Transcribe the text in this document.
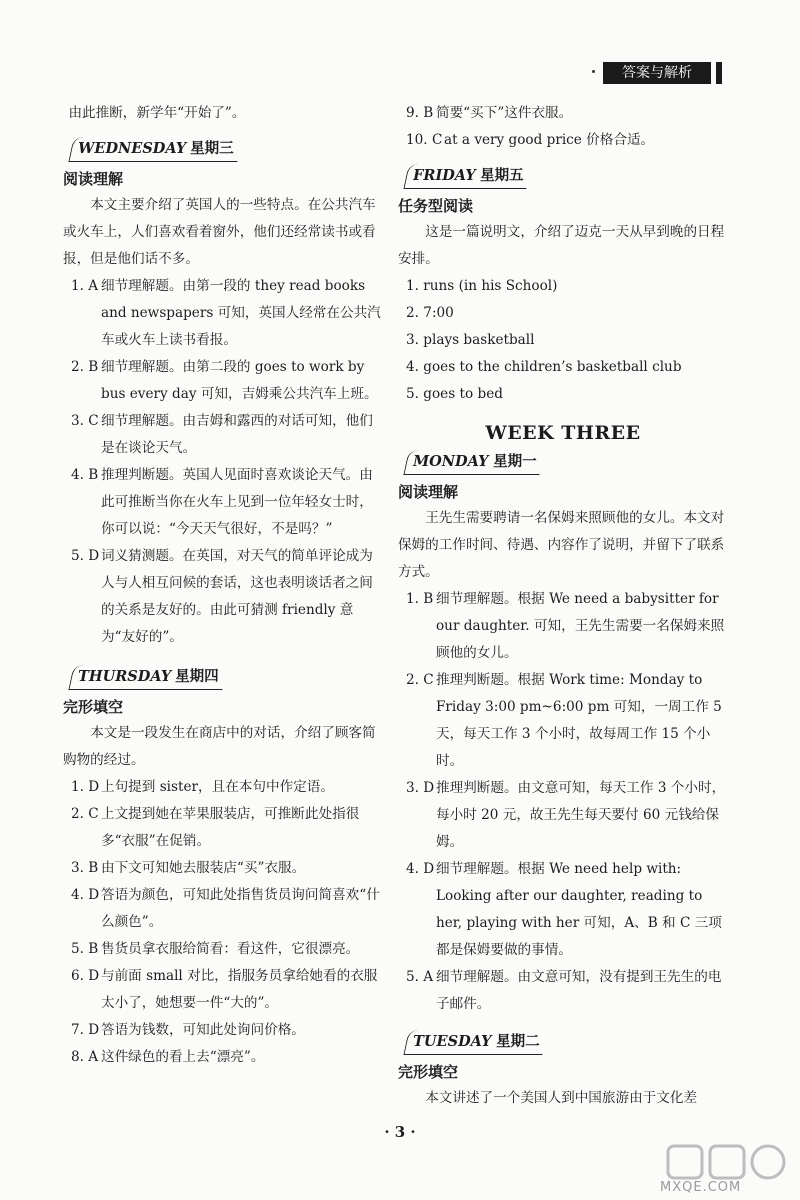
答案与解析

由此推断，新学年“开始了”。

WEDNESDAY 星期三

阅读理解

本文主要介绍了英国人的一些特点。在公共汽车或火车上，人们喜欢看着窗外，他们还经常读书或看报，但是他们话不多。

1. A 细节理解题。由第一段的 they read books and newspapers 可知，英国人经常在公共汽车或火车上读书看报。
2. B 细节理解题。由第二段的 goes to work by bus every day 可知，吉姆乘公共汽车上班。
3. C 细节理解题。由吉姆和露西的对话可知，他们是在谈论天气。
4. B 推理判断题。英国人见面时喜欢谈论天气。由此可推断当你在火车上见到一位年轻女士时，你可以说：“今天天气很好，不是吗？”
5. D 词义猜测题。在英国，对天气的简单评论成为人与人相互问候的套话，这也表明谈话者之间的关系是友好的。由此可猜测 friendly 意为“友好的”。
THURSDAY 星期四

完形填空

本文是一段发生在商店中的对话，介绍了顾客简购物的经过。

1. D 上句提到 sister，且在本句中作定语。
2. C 上文提到她在苹果服装店，可推断此处指很多“衣服”在促销。
3. B 由下文可知她去服装店“买”衣服。
4. D 答语为颜色，可知此处指售货员询问简喜欢“什么颜色”。
5. B 售货员拿衣服给简看：看这件，它很漂亮。
6. D 与前面 small 对比，指服务员拿给她看的衣服太小了，她想要一件“大的”。
7. D 答语为钱数，可知此处询问价格。
8. A 这件绿色的看上去“漂亮”。
9. B 简要“买下”这件衣服。
10. C at a very good price 价格合适。
FRIDAY 星期五

任务型阅读

这是一篇说明文，介绍了迈克一天从早到晚的日程安排。

1. runs (in his School)

2. 7:00

3. plays basketball

4. goes to the children’s basketball club

5. goes to bed

WEEK THREE

MONDAY 星期一

阅读理解

王先生需要聘请一名保姆来照顾他的女儿。本文对保姆的工作时间、待遇、内容作了说明，并留下了联系方式。

1. B 细节理解题。根据 We need a babysitter for our daughter. 可知，王先生需要一名保姆来照顾他的女儿。
2. C 推理判断题。根据 Work time: Monday to Friday 3:00 pm~6:00 pm 可知，一周工作 5 天，每天工作 3 个小时，故每周工作 15 个小时。
3. D 推理判断题。由文意可知，每天工作 3 个小时，每小时 20 元，故王先生每天要付 60 元钱给保姆。
4. D 细节理解题。根据 We need help with: Looking after our daughter, reading to her, playing with her 可知，A、B 和 C 三项都是保姆要做的事情。
5. A 细节理解题。由文意可知，没有提到王先生的电子邮件。
TUESDAY 星期二

完形填空

本文讲述了一个美国人到中国旅游由于文化差

· 3 ·
MXQE.COM
